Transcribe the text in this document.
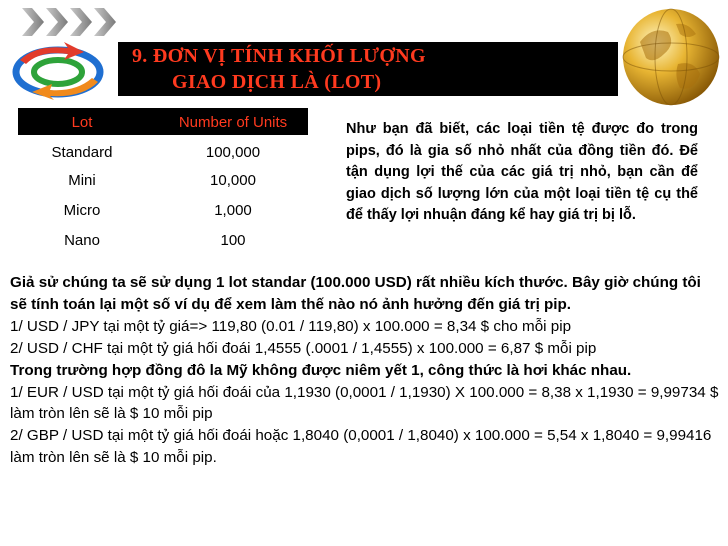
9. ĐƠN VỊ TÍNH KHỐI LƯỢNG
GIAO DỊCH LÀ (LOT)
Lot	Number of Units
Standard	100,000
Mini	10,000
Micro	1,000
Nano	100
Như bạn đã biết, các loại tiền tệ được đo trong pips, đó là gia số nhỏ nhất của đồng tiền đó. Để tận dụng lợi thế của các giá trị nhỏ, bạn cần để giao dịch số lượng lớn của một loại tiền tệ cụ thể để thấy lợi nhuận đáng kể hay giá trị bị lỗ.

Giả sử chúng ta sẽ sử dụng 1 lot standar (100.000 USD) rất nhiều kích thước. Bây giờ chúng tôi sẽ tính toán lại một số ví dụ để xem làm thế nào nó ảnh hưởng đến giá trị pip.

1/ USD / JPY tại một tỷ giá=> 119,80 (0.01 / 119,80) x 100.000 = 8,34 $ cho mỗi pip

2/ USD / CHF tại một tỷ giá hối đoái 1,4555 (.0001 / 1,4555) x 100.000 = 6,87 $ mỗi pip

Trong trường hợp đồng đô la Mỹ không được niêm yết 1, công thức là hơi khác nhau.

1/ EUR / USD tại một tỷ giá hối đoái của 1,1930 (0,0001 / 1,1930) X 100.000 = 8,38 x 1,1930 = 9,99734 $ làm tròn lên sẽ là $ 10 mỗi pip

2/ GBP / USD tại một tỷ giá hối đoái hoặc 1,8040 (0,0001 / 1,8040) x 100.000 = 5,54 x 1,8040 = 9,99416 làm tròn lên sẽ là $ 10 mỗi pip.
